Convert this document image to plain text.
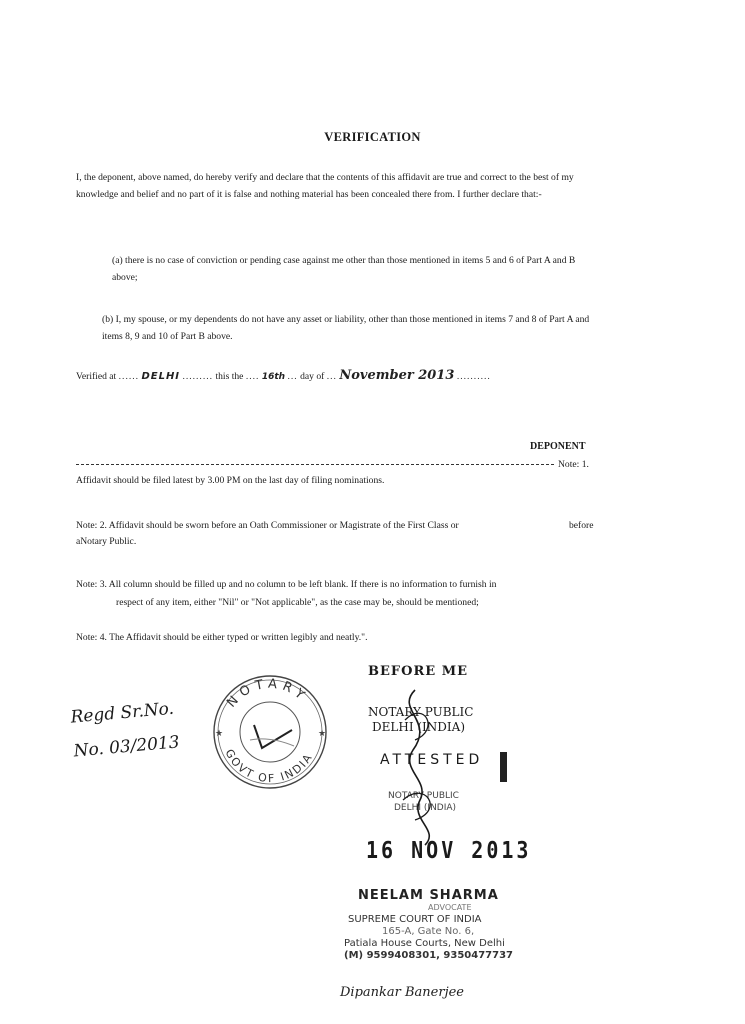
VERIFICATION
I, the deponent, above named, do hereby verify and declare that the contents of this affidavit are true and correct to the best of my knowledge and belief and no part of it is false and nothing material has been concealed there from. I further declare that:-
(a) there is no case of conviction or pending case against me other than those mentioned in items 5 and 6 of Part A and B above;
(b) I, my spouse, or my dependents do not have any asset or liability, other than those mentioned in items 7 and 8 of Part A and items 8, 9 and 10 of Part B above.
Verified at ...... DELHI ......... this the .... 16th ... day of ... November 2013 ..........
DEPONENT
Note: 1.
Affidavit should be filed latest by 3.00 PM on the last day of filing nominations.
Note: 2. Affidavit should be sworn before an Oath Commissioner or Magistrate of the First Class or	before
aNotary Public.
Note: 3. All column should be filled up and no column to be left blank. If there is no information to furnish in
respect of any item, either "Nil" or "Not applicable", as the case may be, should be mentioned;
Note: 4. The Affidavit should be either typed or written legibly and neatly.".
NOTARY
GOVT OF INDIA
★	★
Regd Sr.No.
No. 03/2013
BEFORE ME
NOTARY PUBLIC
DELHI (INDIA)
ATTESTED
NOTARY PUBLIC
DELHI (INDIA)
16 NOV 2013
NEELAM SHARMA
ADVOCATE
SUPREME COURT OF INDIA
165-A, Gate No. 6,
Patiala House Courts, New Delhi
(M) 9599408301, 9350477737
Dipankar Banerjee
